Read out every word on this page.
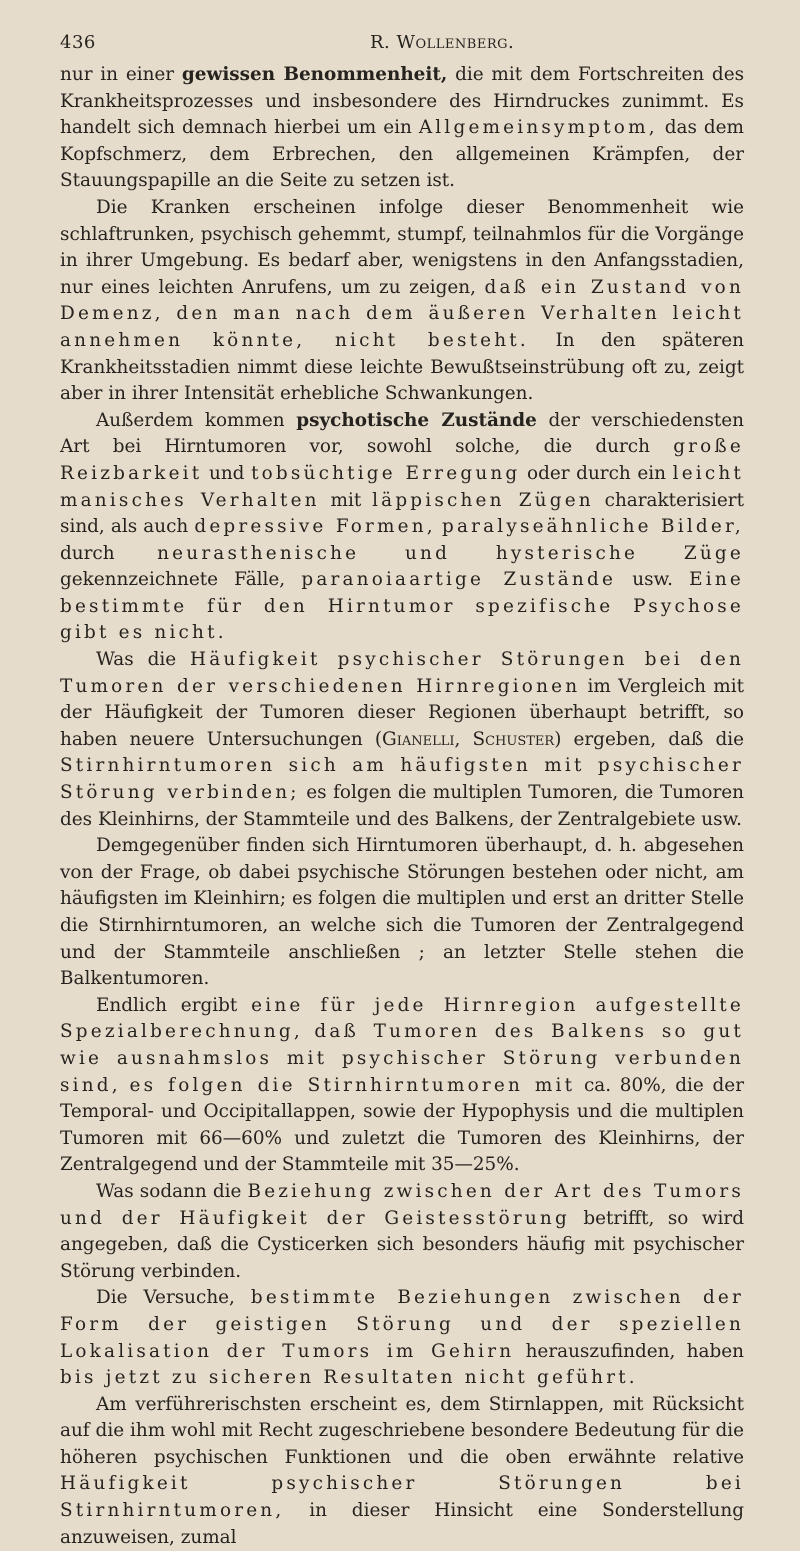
436	R. Wollenberg.

nur in einer gewissen Benommenheit, die mit dem Fortschreiten des Krankheitsprozesses und insbesondere des Hirndruckes zunimmt. Es handelt sich demnach hierbei um ein Allgemeinsymptom, das dem Kopfschmerz, dem Erbrechen, den allgemeinen Krämpfen, der Stauungspapille an die Seite zu setzen ist.

Die Kranken erscheinen infolge dieser Benommenheit wie schlaftrunken, psychisch gehemmt, stumpf, teilnahmlos für die Vorgänge in ihrer Umgebung. Es bedarf aber, wenigstens in den Anfangsstadien, nur eines leichten Anrufens, um zu zeigen, daß ein Zustand von Demenz, den man nach dem äußeren Verhalten leicht annehmen könnte, nicht besteht. In den späteren Krankheitsstadien nimmt diese leichte Bewußtseinstrübung oft zu, zeigt aber in ihrer Intensität erhebliche Schwankungen.

Außerdem kommen psychotische Zustände der verschiedensten Art bei Hirntumoren vor, sowohl solche, die durch große Reizbarkeit und tobsüchtige Erregung oder durch ein leicht manisches Verhalten mit läppischen Zügen charakterisiert sind, als auch depressive Formen, paralyseähnliche Bilder, durch neurasthenische und hysterische Züge gekennzeichnete Fälle, paranoiaartige Zustände usw. Eine bestimmte für den Hirntumor spezifische Psychose gibt es nicht.

Was die Häufigkeit psychischer Störungen bei den Tumoren der verschiedenen Hirnregionen im Vergleich mit der Häufigkeit der Tumoren dieser Regionen überhaupt betrifft, so haben neuere Untersuchungen (Gianelli, Schuster) ergeben, daß die Stirnhirntumoren sich am häufigsten mit psychischer Störung verbinden; es folgen die multiplen Tumoren, die Tumoren des Kleinhirns, der Stammteile und des Balkens, der Zentralgebiete usw.

Demgegenüber finden sich Hirntumoren überhaupt, d. h. abgesehen von der Frage, ob dabei psychische Störungen bestehen oder nicht, am häufigsten im Kleinhirn; es folgen die multiplen und erst an dritter Stelle die Stirnhirntumoren, an welche sich die Tumoren der Zentralgegend und der Stammteile anschließen ; an letzter Stelle stehen die Balkentumoren.

Endlich ergibt eine für jede Hirnregion aufgestellte Spezialberechnung, daß Tumoren des Balkens so gut wie ausnahmslos mit psychischer Störung verbunden sind, es folgen die Stirnhirntumoren mit ca. 80%, die der Temporal- und Occipitallappen, sowie der Hypophysis und die multiplen Tumoren mit 66—60% und zuletzt die Tumoren des Kleinhirns, der Zentralgegend und der Stammteile mit 35—25%.

Was sodann die Beziehung zwischen der Art des Tumors und der Häufigkeit der Geistesstörung betrifft, so wird angegeben, daß die Cysticerken sich besonders häufig mit psychischer Störung verbinden.

Die Versuche, bestimmte Beziehungen zwischen der Form der geistigen Störung und der speziellen Lokalisation der Tumors im Gehirn herauszufinden, haben bis jetzt zu sicheren Resultaten nicht geführt.

Am verführerischsten erscheint es, dem Stirnlappen, mit Rücksicht auf die ihm wohl mit Recht zugeschriebene besondere Bedeutung für die höheren psychischen Funktionen und die oben erwähnte relative Häufigkeit psychischer Störungen bei Stirnhirntumoren, in dieser Hinsicht eine Sonderstellung anzuweisen, zumal
